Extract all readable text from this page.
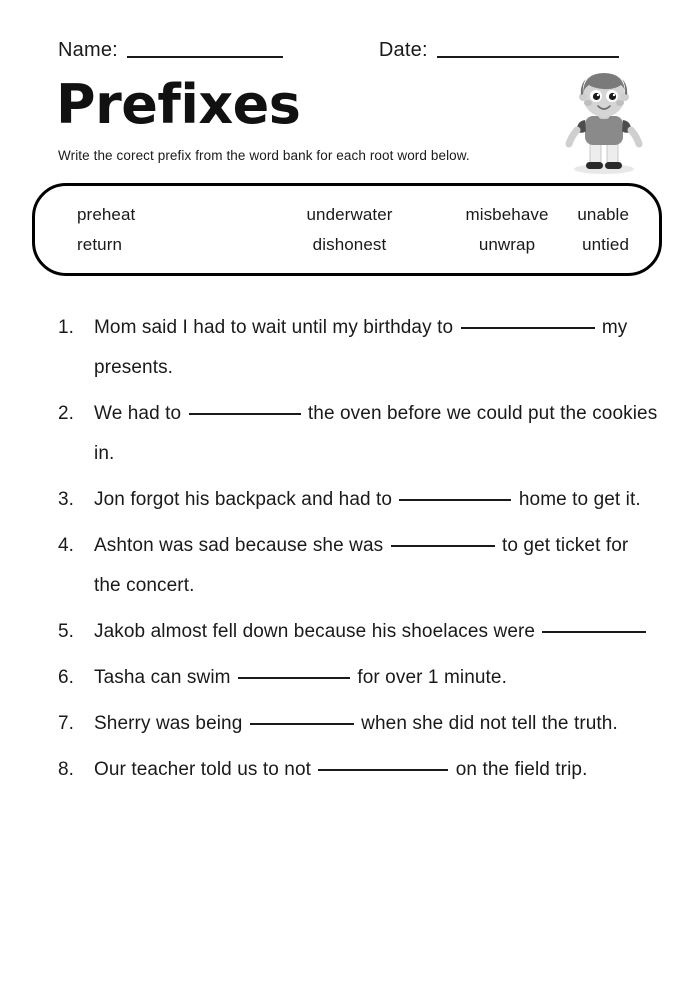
Name:	Date:
Prefixes
Write the corect prefix from the word bank for each root word below.
preheat	underwater	misbehave	unable
return	dishonest	unwrap	untied
1.	Mom said I had to wait until my birthday to	my presents.
2.	We had to	the oven before we could put the cookies in.
3.	Jon forgot his backpack and had to	home to get it.
4.	Ashton was sad because she was	to get ticket for the concert.
5.	Jakob almost fell down because his shoelaces were
6.	Tasha can swim	for over 1 minute.
7.	Sherry was being	when she did not tell the truth.
8.	Our teacher told us to not	on the field trip.
